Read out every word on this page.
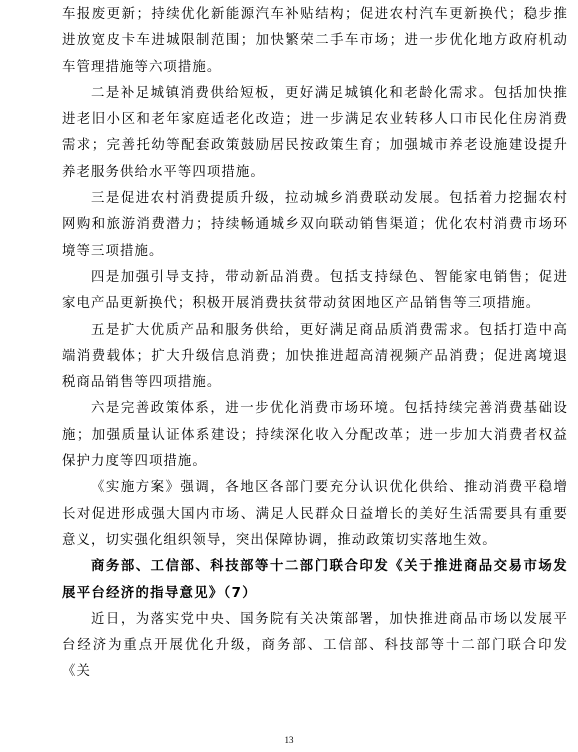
车报废更新；持续优化新能源汽车补贴结构；促进农村汽车更新换代；稳步推进放宽皮卡车进城限制范围；加快繁荣二手车市场；进一步优化地方政府机动车管理措施等六项措施。

二是补足城镇消费供给短板，更好满足城镇化和老龄化需求。包括加快推进老旧小区和老年家庭适老化改造；进一步满足农业转移人口市民化住房消费需求；完善托幼等配套政策鼓励居民按政策生育；加强城市养老设施建设提升养老服务供给水平等四项措施。

三是促进农村消费提质升级，拉动城乡消费联动发展。包括着力挖掘农村网购和旅游消费潜力；持续畅通城乡双向联动销售渠道；优化农村消费市场环境等三项措施。

四是加强引导支持，带动新品消费。包括支持绿色、智能家电销售；促进家电产品更新换代；积极开展消费扶贫带动贫困地区产品销售等三项措施。

五是扩大优质产品和服务供给，更好满足商品质消费需求。包括打造中高端消费载体；扩大升级信息消费；加快推进超高清视频产品消费；促进离境退税商品销售等四项措施。

六是完善政策体系，进一步优化消费市场环境。包括持续完善消费基础设施；加强质量认证体系建设；持续深化收入分配改革；进一步加大消费者权益保护力度等四项措施。

《实施方案》强调，各地区各部门要充分认识优化供给、推动消费平稳增长对促进形成强大国内市场、满足人民群众日益增长的美好生活需要具有重要意义，切实强化组织领导，突出保障协调，推动政策切实落地生效。

商务部、工信部、科技部等十二部门联合印发《关于推进商品交易市场发展平台经济的指导意见》（7）

近日，为落实党中央、国务院有关决策部署，加快推进商品市场以发展平台经济为重点开展优化升级，商务部、工信部、科技部等十二部门联合印发《关

13
